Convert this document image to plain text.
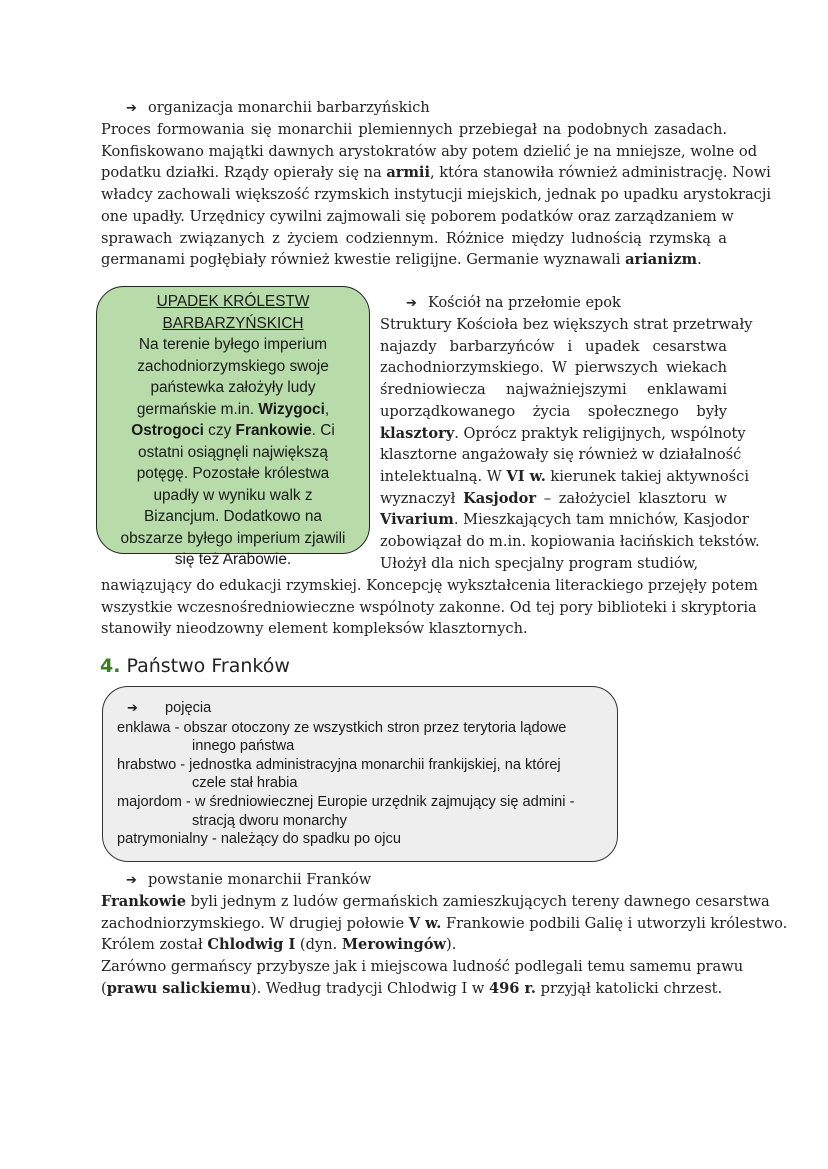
➔ organizacja monarchii barbarzyńskich
Proces formowania się monarchii plemiennych przebiegał na podobnych zasadach.
Konfiskowano majątki dawnych arystokratów aby potem dzielić je na mniejsze, wolne od
podatku działki. Rządy opierały się na armii, która stanowiła również administrację. Nowi
władcy zachowali większość rzymskich instytucji miejskich, jednak po upadku arystokracji
one upadły. Urzędnicy cywilni zajmowali się poborem podatków oraz zarządzaniem w
sprawach związanych z życiem codziennym. Różnice między ludnością rzymską a
germanami pogłębiały również kwestie religijne. Germanie wyznawali arianizm.
UPADEK KRÓLESTW
BARBARZYŃSKICH
Na terenie byłego imperium
zachodniorzymskiego swoje
państewka założyły ludy
germańskie m.in. Wizygoci,
Ostrogoci czy Frankowie. Ci
ostatni osiągnęli największą
potęgę. Pozostałe królestwa
upadły w wyniku walk z
Bizancjum. Dodatkowo na
obszarze byłego imperium zjawili
się też Arabowie.
➔ Kościół na przełomie epok
Struktury Kościoła bez większych strat przetrwały
najazdy barbarzyńców i upadek cesarstwa
zachodniorzymskiego. W pierwszych wiekach
średniowiecza najważniejszymi enklawami
uporządkowanego życia społecznego były
klasztory. Oprócz praktyk religijnych, wspólnoty
klasztorne angażowały się również w działalność
intelektualną. W VI w. kierunek takiej aktywności
wyznaczył Kasjodor – założyciel klasztoru w
Vivarium. Mieszkających tam mnichów, Kasjodor
zobowiązał do m.in. kopiowania łacińskich tekstów.
Ułożył dla nich specjalny program studiów,
nawiązujący do edukacji rzymskiej. Koncepcję wykształcenia literackiego przejęły potem
wszystkie wczesnośredniowieczne wspólnoty zakonne. Od tej pory biblioteki i skryptoria
stanowiły nieodzowny element kompleksów klasztornych.
4. Państwo Franków
➔ pojęcia
enklawa - obszar otoczony ze wszystkich stron przez terytoria lądowe
innego państwa
hrabstwo - jednostka administracyjna monarchii frankijskiej, na której
czele stał hrabia
majordom - w średniowiecznej Europie urzędnik zajmujący się admini -
stracją dworu monarchy
patrymonialny - należący do spadku po ojcu
➔ powstanie monarchii Franków
Frankowie byli jednym z ludów germańskich zamieszkujących tereny dawnego cesarstwa
zachodniorzymskiego. W drugiej połowie V w. Frankowie podbili Galię i utworzyli królestwo.
Królem został Chlodwig I (dyn. Merowingów).
Zarówno germańscy przybysze jak i miejscowa ludność podlegali temu samemu prawu
(prawu salickiemu). Według tradycji Chlodwig I w 496 r. przyjął katolicki chrzest.
